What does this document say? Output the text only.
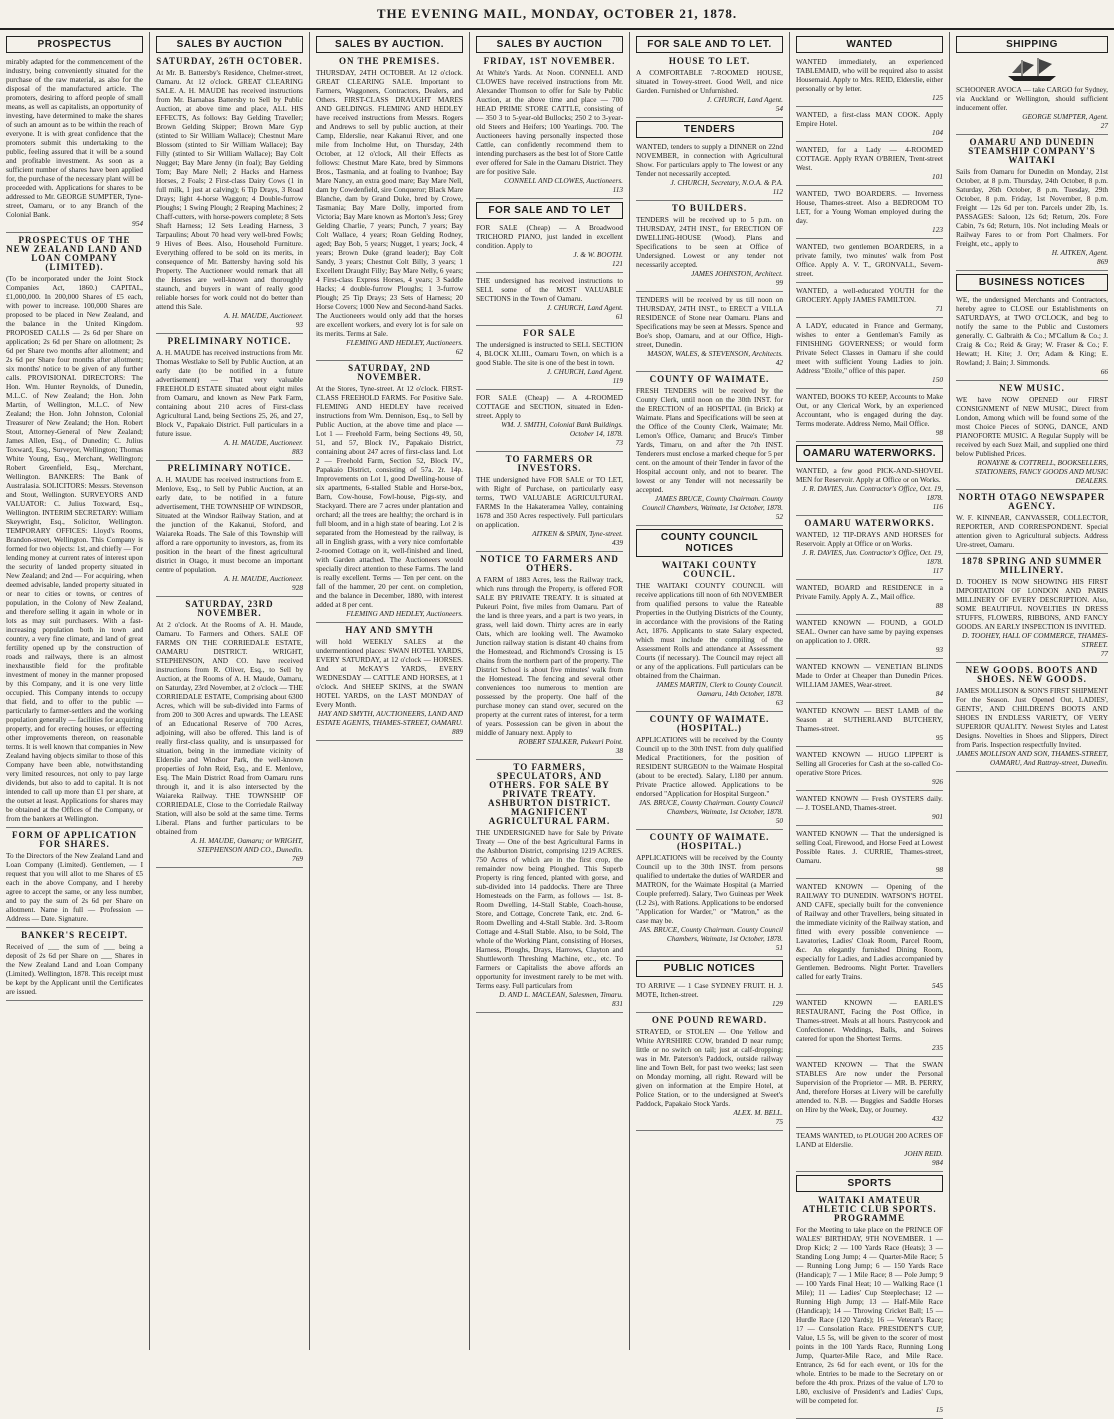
THE EVENING MAIL, MONDAY, OCTOBER 21, 1878.
PROSPECTUS
mirably adapted for the commencement of the industry, being conveniently situated for the purchase of the raw material, as also for the disposal of the manufactured article. The promoters, desiring to afford people of small means, as well as capitalists, an opportunity of investing, have determined to make the shares of such an amount as to be within the reach of everyone. It is with great confidence that the promoters submit this undertaking to the public, feeling assured that it will be a sound and profitable investment. As soon as a sufficient number of shares have been applied for, the purchase of the necessary plant will be proceeded with. Applications for shares to be addressed to Mr. GEORGE SUMPTER, Tyne-street, Oamaru, or to any Branch of the Colonial Bank.
954
PROSPECTUS OF THE NEW ZEALAND LAND AND LOAN COMPANY (LIMITED).
(To be incorporated under the Joint Stock Companies Act, 1860.) CAPITAL, £1,000,000. In 200,000 Shares of £5 each, with power to increase. 100,000 Shares are proposed to be placed in New Zealand, and the balance in the United Kingdom. PROPOSED CALLS — 2s 6d per Share on application; 2s 6d per Share on allotment; 2s 6d per Share two months after allotment; and 2s 6d per Share four months after allotment; six months' notice to be given of any further calls. PROVISIONAL DIRECTORS: The Hon. Wm. Hunter Reynolds, of Dunedin, M.L.C. of New Zealand; the Hon. John Martin, of Wellington, M.L.C. of New Zealand; the Hon. John Johnston, Colonial Treasurer of New Zealand; the Hon. Robert Stout, Attorney-General of New Zealand; James Allen, Esq., of Dunedin; C. Julius Toxward, Esq., Surveyor, Wellington; Thomas White Young, Esq., Merchant, Wellington; Robert Greenfield, Esq., Merchant, Wellington. BANKERS: The Bank of Australasia. SOLICITORS: Messrs. Stevenson and Stout, Wellington. SURVEYORS AND VALUATOR: C. Julius Toxward, Esq., Wellington. INTERIM SECRETARY: William Skeywright, Esq., Solicitor, Wellington. TEMPORARY OFFICES: Lloyd's Rooms, Brandon-street, Wellington. This Company is formed for two objects: 1st, and chiefly — For lending money at current rates of interest upon the security of landed property situated in New Zealand; and 2nd — For acquiring, when deemed advisable, landed property situated in or near to cities or towns, or centres of population, in the Colony of New Zealand, and therefore selling it again in whole or in lots as may suit purchasers. With a fast-increasing population both in town and country, a very fine climate, and land of great fertility opened up by the construction of roads and railways, there is an almost inexhaustible field for the profitable investment of money in the manner proposed by this Company, and it is one very little occupied. This Company intends to occupy that field, and to offer to the public — particularly to farmer-settlers and the working population generally — facilities for acquiring property, and for erecting houses, or effecting other improvements thereon, on reasonable terms. It is well known that companies in New Zealand having objects similar to those of this Company have been able, notwithstanding very limited resources, not only to pay large dividends, but also to add to capital. It is not intended to call up more than £1 per share, at the outset at least. Applications for shares may be obtained at the Offices of the Company, or from the bankers at Wellington.
FORM OF APPLICATION FOR SHARES.
To the Directors of the New Zealand Land and Loan Company (Limited). Gentlemen, — I request that you will allot to me Shares of £5 each in the above Company, and I hereby agree to accept the same, or any less number, and to pay the sum of 2s 6d per Share on allotment. Name in full — Profession — Address — Date. Signature.
BANKER'S RECEIPT.
Received of ___ the sum of ___ being a deposit of 2s 6d per Share on ___ Shares in the New Zealand Land and Loan Company (Limited). Wellington, 1878. This receipt must be kept by the Applicant until the Certificates are issued.
SALES BY AUCTION
SATURDAY, 26TH OCTOBER.
At Mr. B. Battersby's Residence, Chelmer-street, Oamaru. At 12 o'clock. GREAT CLEARING SALE. A. H. MAUDE has received instructions from Mr. Barnabas Battersby to Sell by Public Auction, at above time and place, ALL HIS EFFECTS, As follows: Bay Gelding Traveller; Brown Gelding Skipper; Brown Mare Gyp (stinted to Sir William Wallace); Chestnut Mare Blossom (stinted to Sir William Wallace); Bay Filly (stinted to Sir William Wallace); Bay Colt Nugget; Bay Mare Jenny (in foal); Bay Gelding Tom; Bay Mare Nell; 2 Hacks and Harness Horses, 2 Foals; 2 First-class Dairy Cows (1 in full milk, 1 just at calving); 6 Tip Drays, 3 Road Drays; light 4-horse Waggon; 4 Double-furrow Ploughs; 1 Swing Plough; 2 Reaping Machines; 2 Chaff-cutters, with horse-powers complete; 8 Sets Shaft Harness; 12 Sets Leading Harness, 3 Tarpaulins; About 70 head very well-bred Fowls; 9 Hives of Bees. Also, Household Furniture. Everything offered to be sold on its merits, in consequence of Mr. Battersby having sold his Property. The Auctioneer would remark that all the Horses are well-known and thoroughly staunch, and buyers in want of really good reliable horses for work could not do better than attend this Sale.
A. H. MAUDE, Auctioneer.
93
PRELIMINARY NOTICE.
A. H. MAUDE has received instructions from Mr. Thomas Westlake to Sell by Public Auction, at an early date (to be notified in a future advertisement) — That very valuable FREEHOLD ESTATE situated about eight miles from Oamaru, and known as New Park Farm, containing about 210 acres of First-class Agricultural Land, being Sections 25, 26, and 27, Block V., Papakaio District. Full particulars in a future issue.
A. H. MAUDE, Auctioneer.
883
PRELIMINARY NOTICE.
A. H. MAUDE has received instructions from E. Menlove, Esq., to Sell by Public Auction, at an early date, to be notified in a future advertisement, THE TOWNSHIP OF WINDSOR, Situated at the Windsor Railway Station, and at the junction of the Kakanui, Stoford, and Waiareka Roads. The Sale of this Township will afford a rare opportunity to investors, as, from its position in the heart of the finest agricultural district in Otago, it must become an important centre of population.
A. H. MAUDE, Auctioneer.
928
SATURDAY, 23RD NOVEMBER.
At 2 o'clock. At the Rooms of A. H. Maude, Oamaru. To Farmers and Others. SALE OF FARMS ON THE CORRIEDALE ESTATE, OAMARU DISTRICT. WRIGHT, STEPHENSON, AND CO. have received instructions from R. Oliver, Esq., to Sell by Auction, at the Rooms of A. H. Maude, Oamaru, on Saturday, 23rd November, at 2 o'clock — THE CORRIEDALE ESTATE, Comprising about 6300 Acres, which will be sub-divided into Farms of from 200 to 300 Acres and upwards. The LEASE of an Educational Reserve of 700 Acres, adjoining, will also be offered. This land is of really first-class quality, and is unsurpassed for situation, being in the immediate vicinity of Elderslie and Windsor Park, the well-known properties of John Reid, Esq., and E. Menlove, Esq. The Main District Road from Oamaru runs through it, and it is also intersected by the Waiareka Railway. THE TOWNSHIP OF CORRIEDALE, Close to the Corriedale Railway Station, will also be sold at the same time. Terms Liberal. Plans and further particulars to be obtained from
A. H. MAUDE, Oamaru; or WRIGHT, STEPHENSON AND CO., Dunedin.
769
SALES BY AUCTION.
ON THE PREMISES.
THURSDAY, 24TH OCTOBER. At 12 o'clock. GREAT CLEARING SALE. Important to Farmers, Waggoners, Contractors, Dealers, and Others. FIRST-CLASS DRAUGHT MARES AND GELDINGS. FLEMING AND HEDLEY have received instructions from Messrs. Rogers and Andrews to sell by public auction, at their Camp, Elderslie, near Kakanui River, and one mile from Incholme Hut, on Thursday, 24th October, at 12 o'clock, All their Effects as follows: Chestnut Mare Kate, bred by Simmons Bros., Tasmania, and at foaling to Ivanhoe; Bay Mare Nancy, an extra good mare; Bay Mare Nell, dam by Cowdenfield, sire Conqueror; Black Mare Blanche, dam by Grand Duke, bred by Crowe, Tasmania; Bay Mare Dolly, imported from Victoria; Bay Mare known as Morton's Jess; Grey Gelding Charlie, 7 years; Punch, 7 years; Bay Colt Wallace, 4 years; Roan Gelding Rodney, aged; Bay Bob, 5 years; Nugget, 1 years; Jock, 4 years; Brown Duke (grand leader); Bay Colt Sandy, 3 years; Chestnut Colt Billy, 3 years; 1 Excellent Draught Filly; Bay Mare Nelly, 6 years; 4 First-class Express Horses, 4 years; 3 Saddle Hacks; 4 double-furrow Ploughs; 1 3-furrow Plough; 25 Tip Drays; 23 Sets of Harness; 20 Horse Covers; 1000 New and Second-hand Sacks. The Auctioneers would only add that the horses are excellent workers, and every lot is for sale on its merits. Terms at Sale.
FLEMING AND HEDLEY, Auctioneers.
62
SATURDAY, 2ND NOVEMBER.
At the Stores, Tyne-street. At 12 o'clock. FIRST-CLASS FREEHOLD FARMS. For Positive Sale. FLEMING AND HEDLEY have received instructions from Wm. Dennison, Esq., to Sell by Public Auction, at the above time and place — Lot 1 — Freehold Farm, being Sections 49, 50, 51, and 57, Block IV., Papakaio District, containing about 247 acres of first-class land. Lot 2 — Freehold Farm, Section 52, Block IV., Papakaio District, consisting of 57a. 2r. 14p. Improvements on Lot 1, good Dwelling-house of six apartments, 6-stalled Stable and Horse-box, Barn, Cow-house, Fowl-house, Pigs-sty, and Stackyard. There are 7 acres under plantation and orchard; all the trees are healthy; the orchard is in full bloom, and in a high state of bearing. Lot 2 is separated from the Homestead by the railway, is all in English grass, with a very nice comfortable 2-roomed Cottage on it, well-finished and lined, with Garden attached. The Auctioneers would specially direct attention to these Farms. The land is really excellent. Terms — Ten per cent. on the fall of the hammer, 20 per cent. on completion, and the balance in December, 1880, with interest added at 8 per cent.
FLEMING AND HEDLEY, Auctioneers.
HAY AND SMYTH
will hold WEEKLY SALES at the undermentioned places: SWAN HOTEL YARDS, EVERY SATURDAY, at 12 o'clock — HORSES. And at McKAY'S YARDS, EVERY WEDNESDAY — CATTLE AND HORSES, at 1 o'clock. And SHEEP SKINS, at the SWAN HOTEL YARDS, on the LAST MONDAY of Every Month.
HAY AND SMYTH, AUCTIONEERS, LAND AND ESTATE AGENTS, THAMES-STREET, OAMARU.
889
SALES BY AUCTION
FRIDAY, 1ST NOVEMBER.
At White's Yards. At Noon. CONNELL AND CLOWES have received instructions from Mr. Alexander Thomson to offer for Sale by Public Auction, at the above time and place — 700 HEAD PRIME STORE CATTLE, consisting of — 350 3 to 5-year-old Bullocks; 250 2 to 3-year-old Steers and Heifers; 100 Yearlings. 700. The Auctioneers having personally inspected those Cattle, can confidently recommend them to intending purchasers as the best lot of Store Cattle ever offered for Sale in the Oamaru District. They are for positive Sale.
CONNELL AND CLOWES, Auctioneers.
113
FOR SALE AND TO LET
FOR SALE (Cheap) — A Broadwood TRICHORD PIANO, just landed in excellent condition. Apply to
J. & W. BOOTH.
121
THE undersigned has received instructions to SELL some of the MOST VALUABLE SECTIONS in the Town of Oamaru.
J. CHURCH, Land Agent.
61
FOR SALE
The undersigned is instructed to SELL SECTION 4, BLOCK XLIII., Oamaru Town, on which is a good Stable. The site is one of the best in town.
J. CHURCH, Land Agent.
119
FOR SALE (Cheap) — A 4-ROOMED COTTAGE and SECTION, situated in Eden-street. Apply to
WM. J. SMITH, Colonial Bank Buildings. October 14, 1878.
73
TO FARMERS OR INVESTORS.
THE undersigned have FOR SALE or TO LET, with Right of Purchase, on particularly easy terms, TWO VALUABLE AGRICULTURAL FARMS In the Hakateramea Valley, containing 1678 and 350 Acres respectively. Full particulars on application.
AITKEN & SPAIN, Tyne-street.
439
NOTICE TO FARMERS AND OTHERS.
A FARM of 1883 Acres, less the Railway track, which runs through the Property, is offered FOR SALE BY PRIVATE TREATY. It is situated at Pukeuri Point, five miles from Oamaru. Part of the land is three years, and a part is two years, in grass, well laid down. Thirty acres are in early Oats, which are looking well. The Awamoko Junction railway station is distant 40 chains from the Homestead, and Richmond's Crossing is 15 chains from the northern part of the property. The District School is about five minutes' walk from the Homestead. The fencing and several other conveniences too numerous to mention are possessed by the property. One half of the purchase money can stand over, secured on the property at the current rates of interest, for a term of years. Possession can be given in about the middle of January next. Apply to
ROBERT STALKER, Pukeuri Point.
38
TO FARMERS, SPECULATORS, AND OTHERS. FOR SALE BY PRIVATE TREATY. ASHBURTON DISTRICT. MAGNIFICENT AGRICULTURAL FARM.
THE UNDERSIGNED have for Sale by Private Treaty — One of the best Agricultural Farms in the Ashburton District, comprising 1219 ACRES. 750 Acres of which are in the first crop, the remainder now being Ploughed. This Superb Property is ring fenced, planted with gorse, and sub-divided into 14 paddocks. There are Three Homesteads on the Farm, as follows — 1st. 8-Room Dwelling, 14-Stall Stable, Coach-house, Store, and Cottage, Concrete Tank, etc. 2nd. 6-Room Dwelling and 4-Stall Stable. 3rd. 3-Room Cottage and 4-Stall Stable. Also, to be Sold, The whole of the Working Plant, consisting of Horses, Harness, Ploughs, Drays, Harrows, Clayton and Shuttleworth Threshing Machine, etc., etc. To Farmers or Capitalists the above affords an opportunity for investment rarely to be met with. Terms easy. Full particulars from
D. AND L. MACLEAN, Salesmen, Timaru.
831
FOR SALE AND TO LET.
HOUSE TO LET.
A COMFORTABLE 7-ROOMED HOUSE, situated in Towey-street. Good Well, and nice Garden. Furnished or Unfurnished.
J. CHURCH, Land Agent.
54
TENDERS
WANTED, tenders to supply a DINNER on 22nd NOVEMBER, in connection with Agricultural Show. For particulars apply to The lowest or any Tender not necessarily accepted.
J. CHURCH, Secretary, N.O.A. & P.A.
112
TO BUILDERS.
TENDERS will be received up to 5 p.m. on THURSDAY, 24TH INST., for ERECTION OF DWELLING-HOUSE (Wood). Plans and Specifications to be seen at Office of Undersigned. Lowest or any tender not necessarily accepted.
JAMES JOHNSTON, Architect.
99
TENDERS will be received by us till noon on THURSDAY, 24TH INST., to ERECT a VILLA RESIDENCE of Stone near Oamaru. Plans and Specifications may be seen at Messrs. Spence and Boe's shop, Oamaru, and at our Office, High-street, Dunedin.
MASON, WALES, & STEVENSON, Architects.
42
COUNTY OF WAIMATE.
FRESH TENDERS will be received by the County Clerk, until noon on the 30th INST. for the ERECTION of an HOSPITAL (in Brick) at Waimate. Plans and Specifications will be seen at the Office of the County Clerk, Waimate; Mr. Lemon's Office, Oamaru; and Bruce's Timber Yards, Timaru, on and after the 7th INST. Tenderers must enclose a marked cheque for 5 per cent. on the amount of their Tender in favor of the Hospital account only, and not to bearer. The lowest or any Tender will not necessarily be accepted.
JAMES BRUCE, County Chairman. County Council Chambers, Waimate, 1st October, 1878.
52
COUNTY COUNCIL NOTICES
WAITAKI COUNTY COUNCIL.
THE WAITAKI COUNTY COUNCIL will receive applications till noon of 6th NOVEMBER from qualified persons to value the Rateable Properties in the Outlying Districts of the County, in accordance with the provisions of the Rating Act, 1876. Applicants to state Salary expected, which must include the compiling of the Assessment Rolls and attendance at Assessment Courts (if necessary). The Council may reject all or any of the applications. Full particulars can be obtained from the Chairman.
JAMES MARTIN, Clerk to County Council. Oamaru, 14th October, 1878.
63
COUNTY OF WAIMATE. (HOSPITAL.)
APPLICATIONS will be received by the County Council up to the 30th INST. from duly qualified Medical Practitioners, for the position of RESIDENT SURGEON to the Waimate Hospital (about to be erected). Salary, L180 per annum. Private Practice allowed. Applications to be endorsed "Application for Hospital Surgeon."
JAS. BRUCE, County Chairman. County Council Chambers, Waimate, 1st October, 1878.
50
COUNTY OF WAIMATE. (HOSPITAL.)
APPLICATIONS will be received by the County Council up to the 30th INST. from persons qualified to undertake the duties of WARDER and MATRON, for the Waimate Hospital (a Married Couple preferred). Salary, Two Guineas per Week (L2 2s), with Rations. Applications to be endorsed "Application for Warder," or "Matron," as the case may be.
JAS. BRUCE, County Chairman. County Council Chambers, Waimate, 1st October, 1878.
51
PUBLIC NOTICES
TO ARRIVE — 1 Case SYDNEY FRUIT. H. J. MOTE, Itchen-street.
129
ONE POUND REWARD.
STRAYED, or STOLEN — One Yellow and White AYRSHIRE COW, branded D near rump; little or no switch on tail; just at calf-dropping; was in Mr. Paterson's Paddock, outside railway line and Town Belt, for past two weeks; last seen on Monday morning, all right. Reward will be given on information at the Empire Hotel, at Police Station, or to the undersigned at Sweet's Paddock, Papakaio Stock Yards.
ALEX. M. BELL.
75
WANTED
WANTED immediately, an experienced TABLEMAID, who will be required also to assist Housemaid. Apply to Mrs. REID, Elderslie, either personally or by letter.
125
WANTED, a first-class MAN COOK. Apply Empire Hotel.
104
WANTED, for a Lady — 4-ROOMED COTTAGE. Apply RYAN O'BRIEN, Trent-street West.
101
WANTED, TWO BOARDERS. — Inverness House, Thames-street. Also a BEDROOM TO LET, for a Young Woman employed during the day.
123
WANTED, two gentlemen BOARDERS, in a private family, two minutes' walk from Post Office. Apply A. V. T., GRONVALL, Severn-street.
WANTED, a well-educated YOUTH for the GROCERY. Apply JAMES FAMILTON.
71
A LADY, educated in France and Germany, wishes to enter a Gentleman's Family as FINISHING GOVERNESS; or would form Private Select Classes in Oamaru if she could meet with sufficient Young Ladies to join. Address "Etoile," office of this paper.
150
WANTED, BOOKS TO KEEP, Accounts to Make Out, or any Clerical Work, by an experienced Accountant, who is engaged during the day. Terms moderate. Address Nemo, Mail Office.
98
OAMARU WATERWORKS.
WANTED, a few good PICK-AND-SHOVEL MEN for Reservoir. Apply at Office or on Works.
J. R. DAVIES, Jun. Contractor's Office, Oct. 19, 1878.
116
OAMARU WATERWORKS.
WANTED, 12 TIP-DRAYS AND HORSES for Reservoir. Apply at Office or on Works.
J. R. DAVIES, Jun. Contractor's Office, Oct. 19, 1878.
117
WANTED, BOARD and RESIDENCE in a Private Family. Apply A. Z., Mail office.
88
WANTED KNOWN — FOUND, a GOLD SEAL. Owner can have same by paying expenses on application to J. ORR.
93
WANTED KNOWN — VENETIAN BLINDS Made to Order at Cheaper than Dunedin Prices. WILLIAM JAMES, Wear-street.
84
WANTED KNOWN — BEST LAMB of the Season at SUTHERLAND BUTCHERY, Thames-street.
95
WANTED KNOWN — HUGO LIPPERT is Selling all Groceries for Cash at the so-called Co-operative Store Prices.
926
WANTED KNOWN — Fresh OYSTERS daily. — J. TOSELAND, Thames-street.
901
WANTED KNOWN — That the undersigned is selling Coal, Firewood, and Horse Feed at Lowest Possible Rates. J. CURRIE, Thames-street, Oamaru.
98
WANTED KNOWN — Opening of the RAILWAY TO DUNEDIN. WATSON'S HOTEL AND CAFE, specially built for the convenience of Railway and other Travellers, being situated in the immediate vicinity of the Railway station, and fitted with every possible convenience — Lavatories, Ladies' Cloak Room, Parcel Room, &c. An elegantly furnished Dining Room, especially for Ladies, and Ladies accompanied by Gentlemen. Bedrooms. Night Porter. Travellers called for early Trains.
545
WANTED KNOWN — EARLE'S RESTAURANT, Facing the Post Office, in Thames-street. Meals at all hours. Pastrycook and Confectioner. Weddings, Balls, and Soirees catered for upon the Shortest Terms.
235
WANTED KNOWN — That the SWAN STABLES Are now under the Personal Supervision of the Proprietor — MR. B. PERRY, And, therefore Horses at Livery will be carefully attended to. N.B. — Buggies and Saddle Horses on Hire by the Week, Day, or Journey.
432
TEAMS WANTED, to PLOUGH 200 ACRES OF LAND at Elderslie.
JOHN REID.
984
SPORTS
WAITAKI AMATEUR ATHLETIC CLUB SPORTS. PROGRAMME
For the Meeting to take place on the PRINCE OF WALES' BIRTHDAY, 9TH NOVEMBER. 1 — Drop Kick; 2 — 100 Yards Race (Heats); 3 — Standing Long Jump; 4 — Quarter-Mile Race; 5 — Running Long Jump; 6 — 150 Yards Race (Handicap); 7 — 1 Mile Race; 8 — Pole Jump; 9 — 100 Yards Final Heat; 10 — Walking Race (1 Mile); 11 — Ladies' Cup Steeplechase; 12 — Running High Jump; 13 — Half-Mile Race (Handicap); 14 — Throwing Cricket Ball; 15 — Hurdle Race (120 Yards); 16 — Veteran's Race; 17 — Consolation Race. PRESIDENT'S CUP, Value, L5 5s, will be given to the scorer of most points in the 100 Yards Race, Running Long Jump, Quarter-Mile Race, and Mile Race. Entrance, 2s 6d for each event, or 10s for the whole. Entries to be made to the Secretary on or before the 4th prox. Prizes of the value of L70 to L80, exclusive of President's and Ladies' Cups, will be competed for.
15
SHIPPING
SCHOONER AVOCA — take CARGO for Sydney, via Auckland or Wellington, should sufficient inducement offer.
GEORGE SUMPTER, Agent.
27
OAMARU AND DUNEDIN STEAMSHIP COMPANY'S WAITAKI
Sails from Oamaru for Dunedin on Monday, 21st October, at 8 p.m. Thursday, 24th October, 8 p.m. Saturday, 26th October, 8 p.m. Tuesday, 29th October, 8 p.m. Friday, 1st November, 8 p.m. Freight — 12s 6d per ton. Parcels under 2lb, 1s. PASSAGES: Saloon, 12s 6d; Return, 20s. Fore Cabin, 7s 6d; Return, 10s. Not including Meals or Railway Fares to or from Port Chalmers. For Freight, etc., apply to
H. AITKEN, Agent.
869
BUSINESS NOTICES
WE, the undersigned Merchants and Contractors, hereby agree to CLOSE our Establishments on SATURDAYS, at TWO O'CLOCK, and beg to notify the same to the Public and Customers generally. C. Galbraith & Co.; M'Callum & Co.; J. Craig & Co.; Reid & Gray; W. Fraser & Co.; F. Hewatt; H. Kite; J. Orr; Adam & King; E. Rowland; J. Bain; J. Simmonds.
66
NEW MUSIC.
WE have NOW OPENED our FIRST CONSIGNMENT of NEW MUSIC, Direct from London, Among which will be found some of the most Choice Pieces of SONG, DANCE, AND PIANOFORTE MUSIC. A Regular Supply will be received by each Suez Mail, and supplied one third below Published Prices.
RONAYNE & COTTRELL, BOOKSELLERS, STATIONERS, FANCY GOODS AND MUSIC DEALERS.
NORTH OTAGO NEWSPAPER AGENCY.
W. F. KINNEAR, CANVASSER, COLLECTOR, REPORTER, AND CORRESPONDENT. Special attention given to Agricultural subjects. Address Ure-street, Oamaru.
1878 SPRING AND SUMMER MILLINERY.
D. TOOHEY IS NOW SHOWING HIS FIRST IMPORTATION OF LONDON AND PARIS MILLINERY OF EVERY DESCRIPTION. Also, SOME BEAUTIFUL NOVELTIES IN DRESS STUFFS, FLOWERS, RIBBONS, AND FANCY GOODS. AN EARLY INSPECTION IS INVITED.
D. TOOHEY, HALL OF COMMERCE, THAMES-STREET.
77
NEW GOODS. BOOTS AND SHOES. NEW GOODS.
JAMES MOLLISON & SON'S FIRST SHIPMENT For the Season. Just Opened Out, LADIES', GENTS', AND CHILDREN'S BOOTS AND SHOES IN ENDLESS VARIETY, OF VERY SUPERIOR QUALITY. Newest Styles and Latest Designs. Novelties in Shoes and Slippers, Direct from Paris. Inspection respectfully Invited.
JAMES MOLLISON AND SON, THAMES-STREET, OAMARU, And Rattray-street, Dunedin.
